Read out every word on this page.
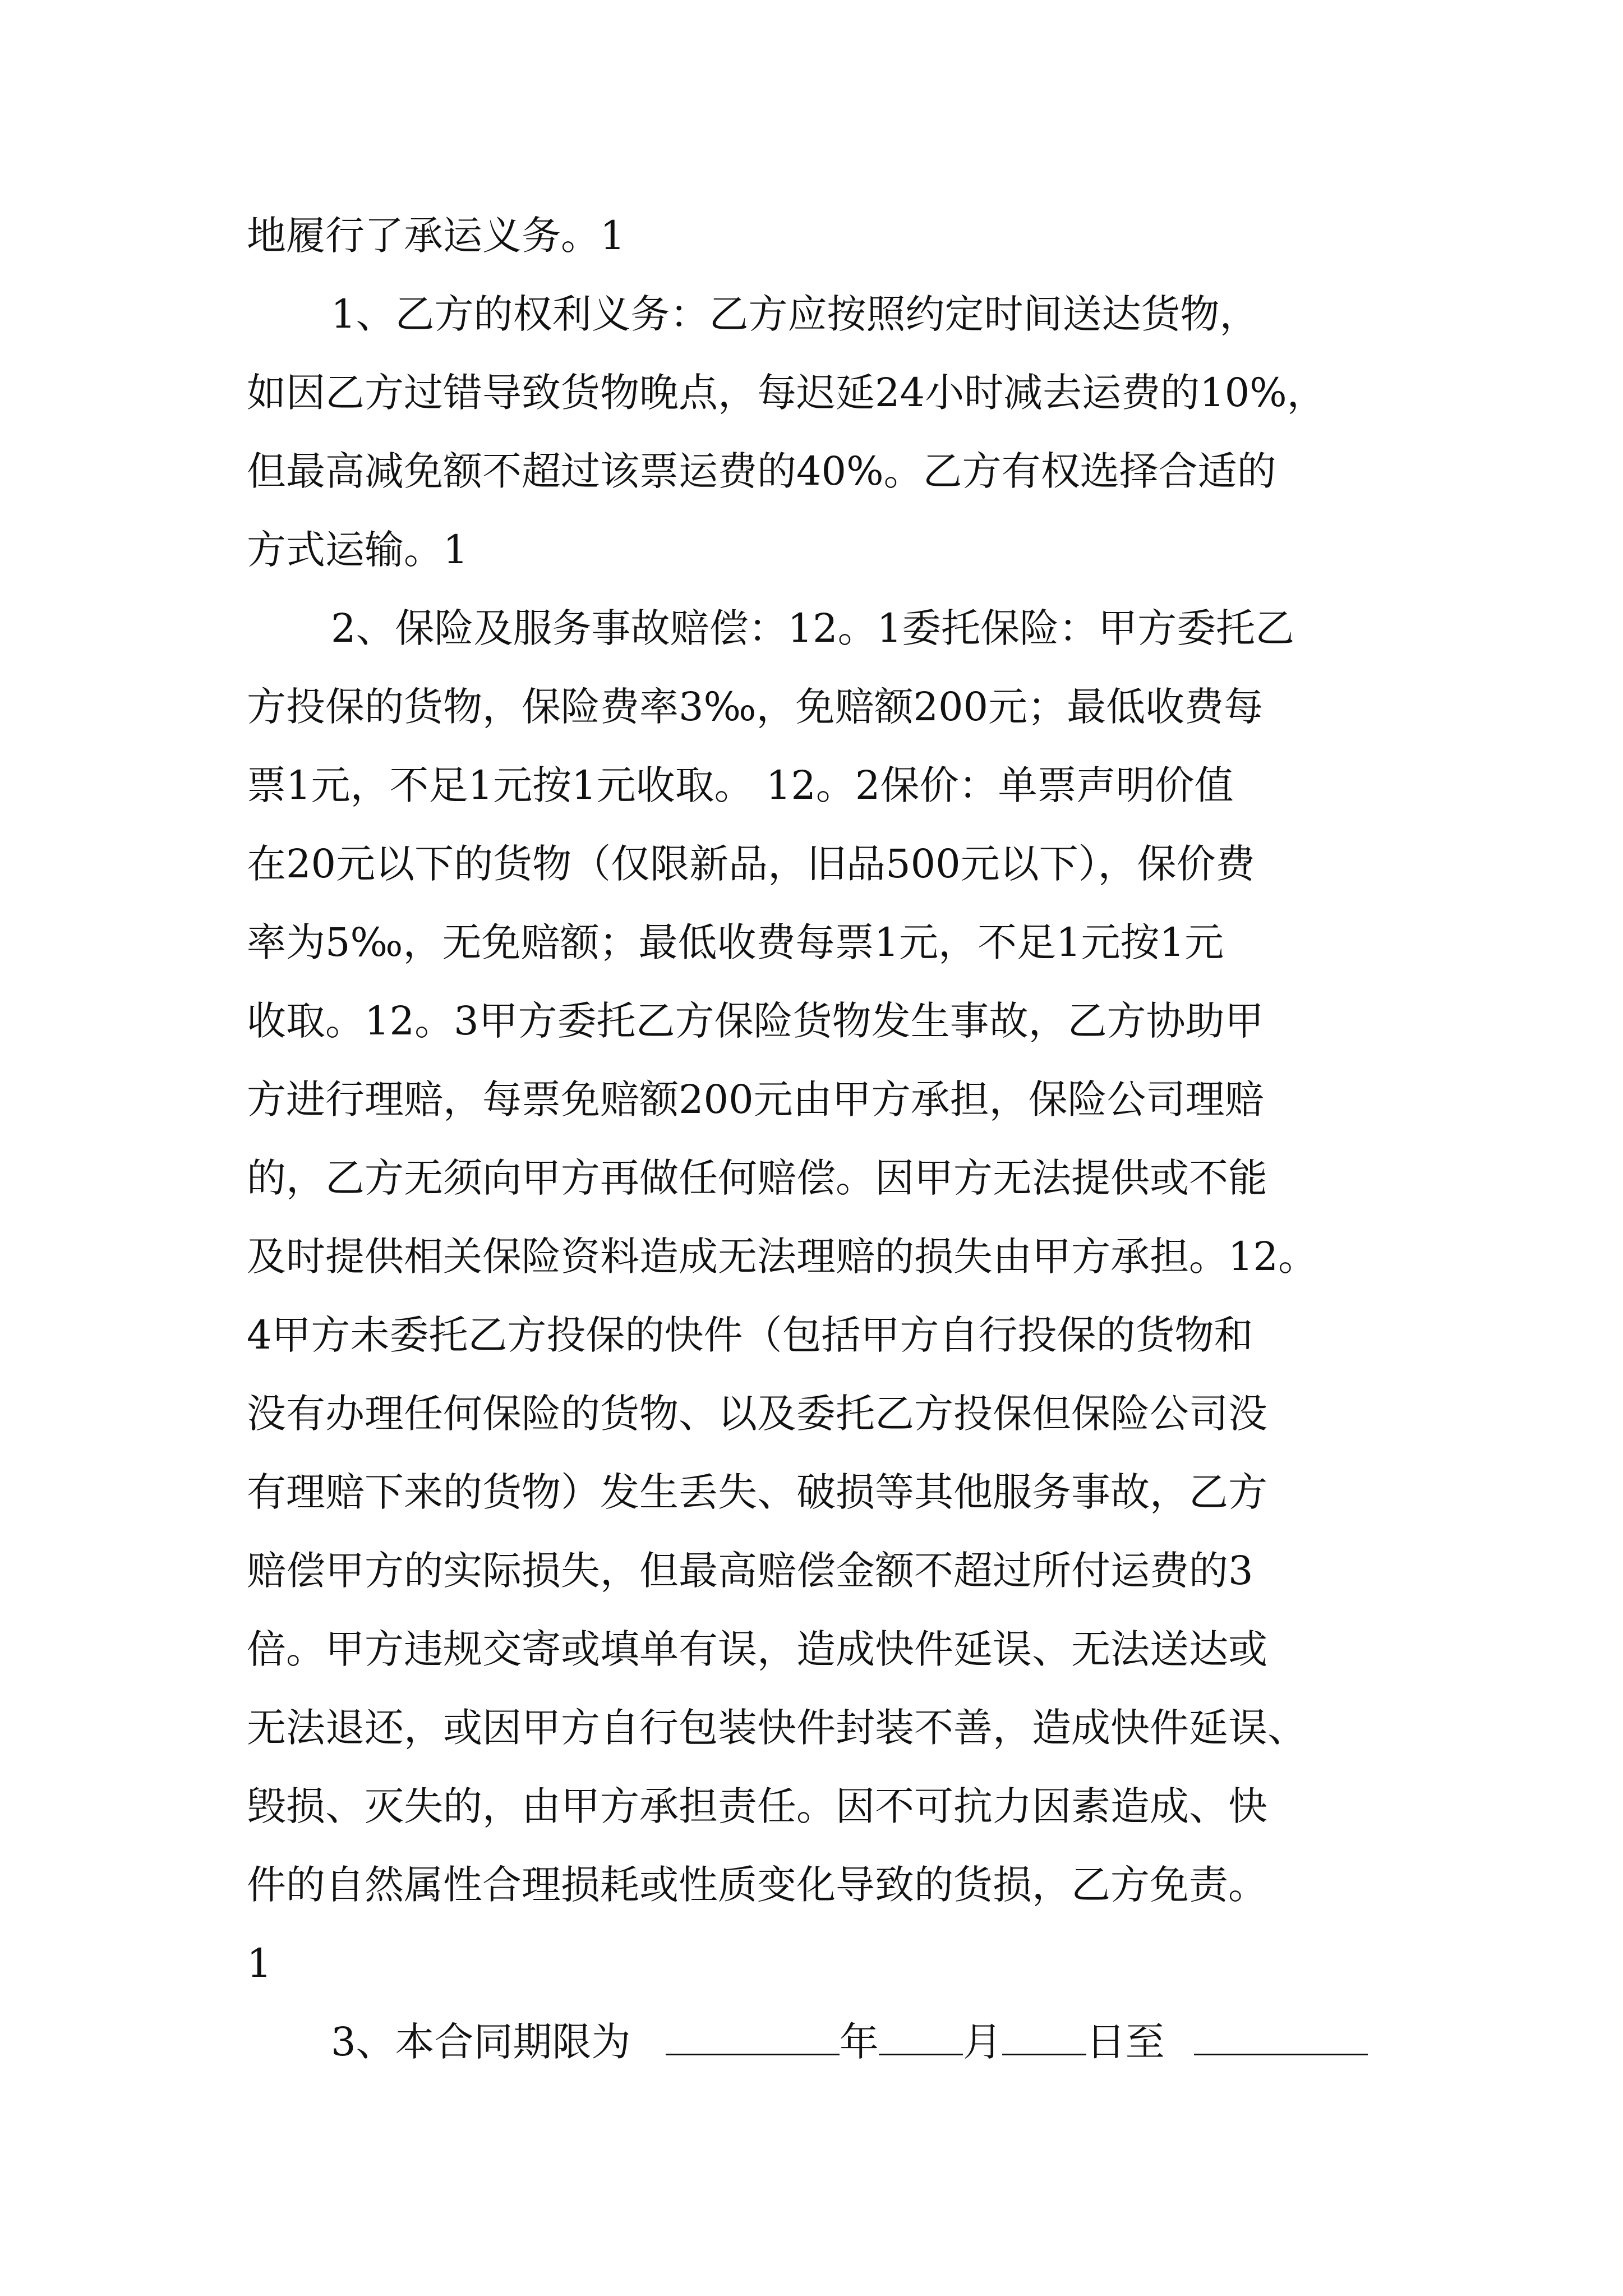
地履行了承运义务。1
1、乙方的权利义务：乙方应按照约定时间送达货物，
如因乙方过错导致货物晚点，每迟延24小时减去运费的10%，
但最高减免额不超过该票运费的40%。乙方有权选择合适的
方式运输。1
2、保险及服务事故赔偿：12。1委托保险：甲方委托乙
方投保的货物，保险费率3‰，免赔额200元；最低收费每
票1元，不足1元按1元收取。 12。2保价：单票声明价值
在20元以下的货物（仅限新品，旧品500元以下），保价费
率为5‰，无免赔额；最低收费每票1元，不足1元按1元
收取。12。3甲方委托乙方保险货物发生事故，乙方协助甲
方进行理赔，每票免赔额200元由甲方承担，保险公司理赔
的，乙方无须向甲方再做任何赔偿。因甲方无法提供或不能
及时提供相关保险资料造成无法理赔的损失由甲方承担。12。
4甲方未委托乙方投保的快件（包括甲方自行投保的货物和
没有办理任何保险的货物、以及委托乙方投保但保险公司没
有理赔下来的货物）发生丢失、破损等其他服务事故，乙方
赔偿甲方的实际损失，但最高赔偿金额不超过所付运费的3
倍。甲方违规交寄或填单有误，造成快件延误、无法送达或
无法退还，或因甲方自行包装快件封装不善，造成快件延误、
毁损、灭失的，由甲方承担责任。因不可抗力因素造成、快
件的自然属性合理损耗或性质变化导致的货损，乙方免责。
1
3、本合同期限为	年 月 日至
